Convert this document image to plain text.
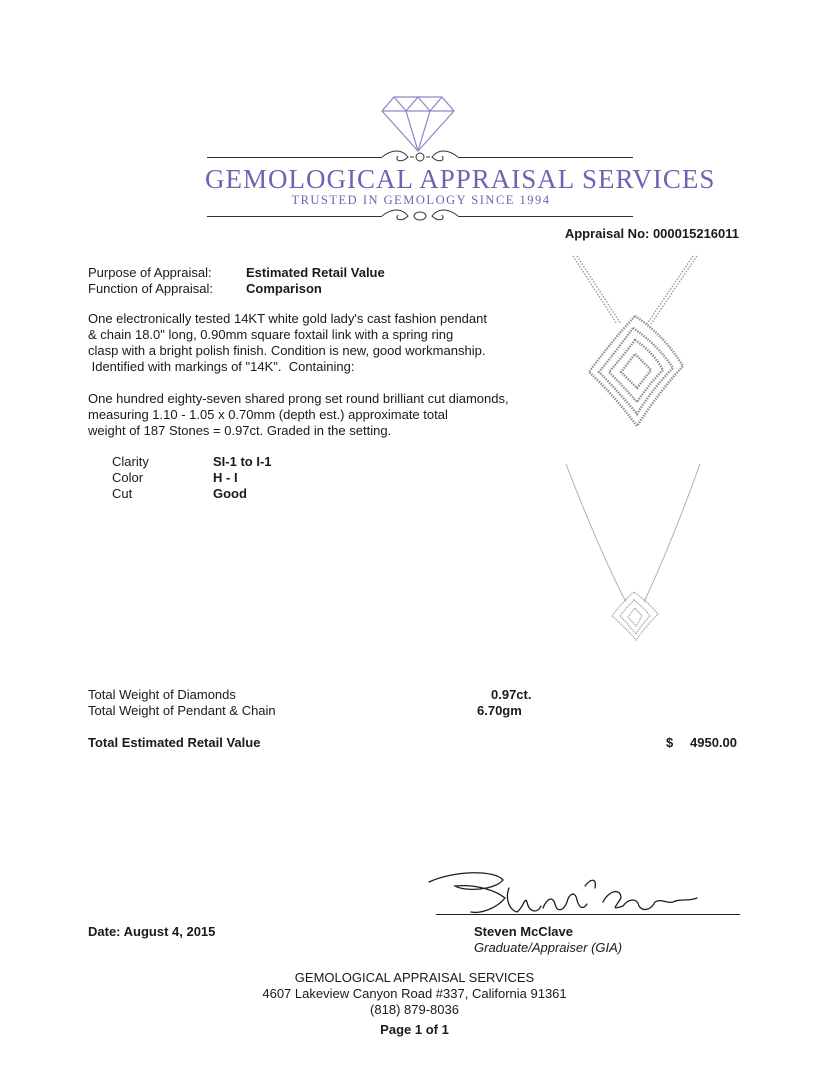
GEMOLOGICAL APPRAISAL SERVICES
TRUSTED IN GEMOLOGY SINCE 1994
Appraisal No: 000015216011
Purpose of Appraisal:	Estimated Retail Value
Function of Appraisal:	Comparison
One electronically tested 14KT white gold lady's cast fashion pendant
& chain 18.0" long, 0.90mm square foxtail link with a spring ring
clasp with a bright polish finish. Condition is new, good workmanship.
Identified with markings of "14K".  Containing:
One hundred eighty-seven shared prong set round brilliant cut diamonds,
measuring 1.10 - 1.05 x 0.70mm (depth est.) approximate total
weight of 187 Stones = 0.97ct. Graded in the setting.
Clarity	SI-1 to I-1
Color	H - I
Cut	Good
Total Weight of Diamonds	0.97ct.
Total Weight of Pendant & Chain	6.70gm
Total Estimated Retail Value	$ 4950.00
Date: August 4, 2015	Steven McClave
Graduate/Appraiser (GIA)
GEMOLOGICAL APPRAISAL SERVICES
4607 Lakeview Canyon Road #337, California 91361
(818) 879-8036
Page 1 of 1
